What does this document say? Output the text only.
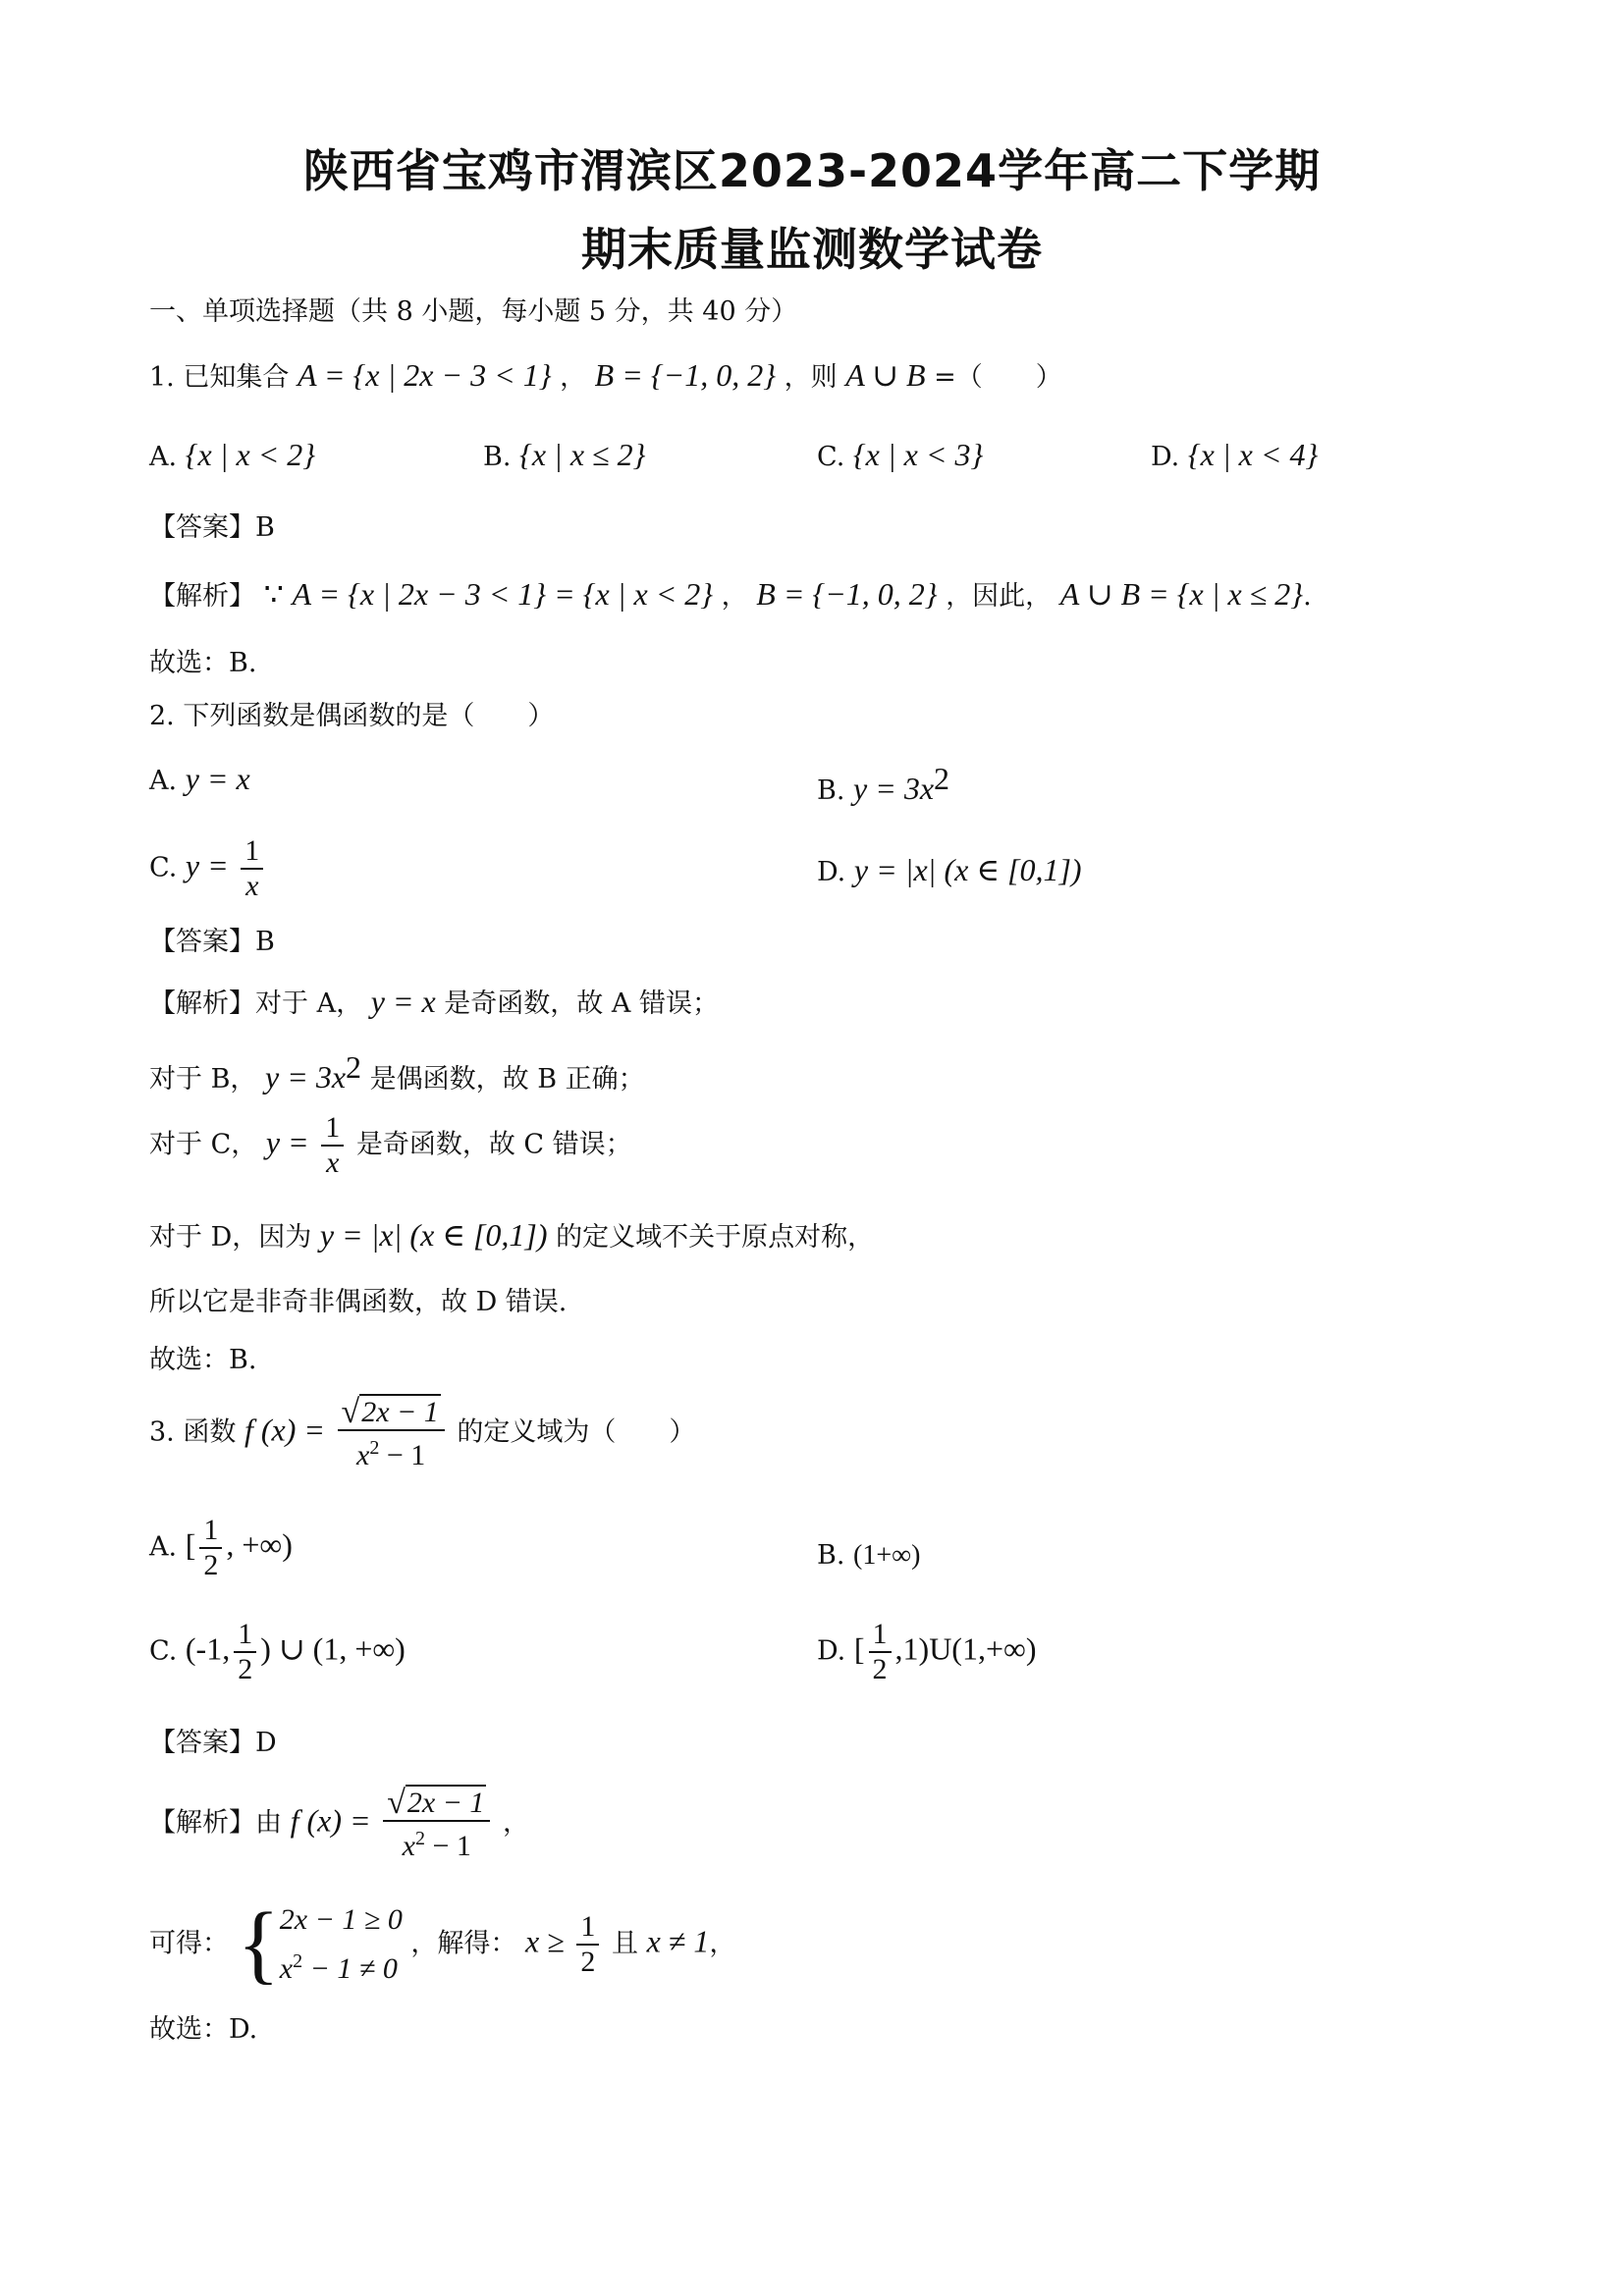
陕西省宝鸡市渭滨区2023-2024学年高二下学期
期末质量监测数学试卷
一、单项选择题（共 8 小题，每小题 5 分，共 40 分）
1. 已知集合 A = {x | 2x − 3 < 1} ， B = {−1, 0, 2} ，则 A ∪ B =（　　）
A. {x | x < 2}	B. {x | x ≤ 2}	C. {x | x < 3}	D. {x | x < 4}
【答案】B
【解析】 ∵ A = {x | 2x − 3 < 1} = {x | x < 2} ， B = {−1, 0, 2} ，因此， A ∪ B = {x | x ≤ 2}.
故选：B.
2. 下列函数是偶函数的是（　　）
A. y = x	B. $y = 3x^2$
C. $y = \frac{1}{x}$	D. y = |x| (x ∈ [0,1])
【答案】B
【解析】对于 A， y = x 是奇函数，故 A 错误；
对于 B， $y = 3x^2$ 是偶函数，故 B 正确；
对于 C， $y = \frac{1}{x}$ 是奇函数，故 C 错误；
对于 D，因为 y = |x| (x ∈ [0,1]) 的定义域不关于原点对称，
所以它是非奇非偶函数，故 D 错误.
故选：B.
3. 函数 f $(x) = \frac{√ 2x - 1}{x^2 - 1}$ 的定义域为（　　）
A. [ $\frac{1}{2}$ , +∞)	B. (1+∞)
C. (-1, $\frac{1}{2}$ ) ∪ (1, +∞)	D. [ $\frac{1}{2} ,1)U(1,+\infty)$
【答案】D
【解析】由 f $(x) = \frac{√ 2x - 1}{x^2 - 1}$ ，
可得： { 2x − 1 ≥ 0
$x^2 - 1 \ne 0$
，解得： $x \ge \frac{1}{2}$ 且 x ≠ 1，
故选：D.
